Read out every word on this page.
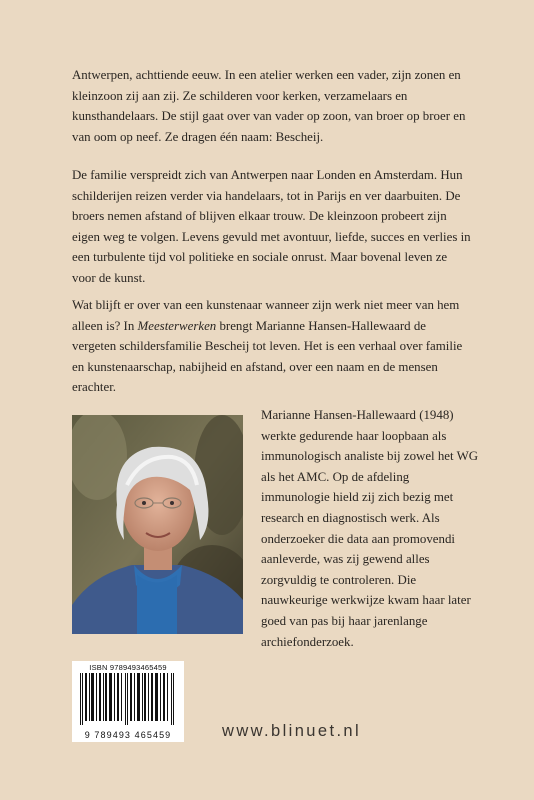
Antwerpen, achttiende eeuw. In een atelier werken een vader, zijn zonen en kleinzoon zij aan zij. Ze schilderen voor kerken, verzamelaars en kunsthandelaars. De stijl gaat over van vader op zoon, van broer op broer en van oom op neef. Ze dragen één naam: Bescheij.

De familie verspreidt zich van Antwerpen naar Londen en Amsterdam. Hun schilderijen reizen verder via handelaars, tot in Parijs en ver daarbuiten. De broers nemen afstand of blijven elkaar trouw. De kleinzoon probeert zijn eigen weg te volgen. Levens gevuld met avontuur, liefde, succes en verlies in een turbulente tijd vol politieke en sociale onrust. Maar bovenal leven ze voor de kunst.

Wat blijft er over van een kunstenaar wanneer zijn werk niet meer van hem alleen is? In Meesterwerken brengt Marianne Hansen-Hallewaard de vergeten schildersfamilie Bescheij tot leven. Het is een verhaal over familie en kunstenaarschap, nabijheid en afstand, over een naam en de mensen erachter.

Marianne Hansen-Hallewaard (1948) werkte gedurende haar loopbaan als immunologisch analiste bij zowel het WG als het AMC. Op de afdeling immunologie hield zij zich bezig met research en diagnostisch werk. Als onderzoeker die data aan promovendi aanleverde, was zij gewend alles zorgvuldig te controleren. Die nauwkeurige werkwijze kwam haar later goed van pas bij haar jarenlange archiefonderzoek.

ISBN 9789493465459
9 789493 465459	www.blinuet.nl
